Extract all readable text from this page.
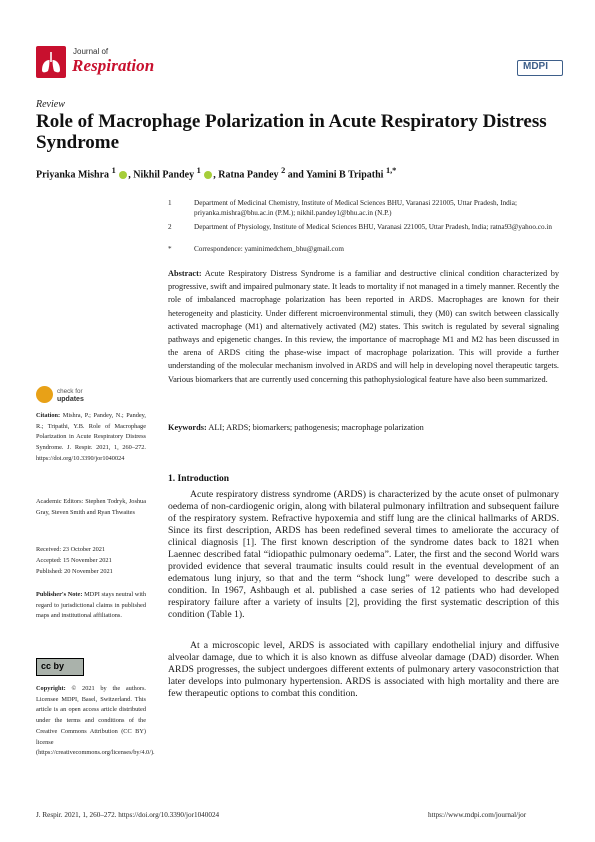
Journal of
Respiration	MDPI
Review
Role of Macrophage Polarization in Acute Respiratory Distress Syndrome
Priyanka Mishra $^1$ , Nikhil Pandey $^1$ , Ratna Pandey $^2$ and Yamini B Tripathi $^{1,*}$
1	Department of Medicinal Chemistry, Institute of Medical Sciences BHU, Varanasi 221005, Uttar Pradesh, India; priyanka.mishra@bhu.ac.in (P.M.); nikhil.pandey1@bhu.ac.in (N.P.)
2	Department of Physiology, Institute of Medical Sciences BHU, Varanasi 221005, Uttar Pradesh, India; ratna93@yahoo.co.in
*	Correspondence: yaminimedchem_bhu@gmail.com
Abstract: Acute Respiratory Distress Syndrome is a familiar and destructive clinical condition characterized by progressive, swift and impaired pulmonary state. It leads to mortality if not managed in a timely manner. Recently the role of imbalanced macrophage polarization has been reported in ARDS. Macrophages are known for their heterogeneity and plasticity. Under different microenvironmental stimuli, they (M0) can switch between classically activated macrophage (M1) and alternatively activated (M2) states. This switch is regulated by several signaling pathways and epigenetic changes. In this review, the importance of macrophage M1 and M2 has been discussed in the arena of ARDS citing the phase-wise impact of macrophage polarization. This will provide a further understanding of the molecular mechanism involved in ARDS and will help in developing novel therapeutic targets. Various biomarkers that are currently used concerning this pathophysiological feature have also been summarized.
Keywords: ALI; ARDS; biomarkers; pathogenesis; macrophage polarization
check for
updates
Citation: Mishra, P.; Pandey, N.; Pandey, R.; Tripathi, Y.B. Role of Macrophage Polarization in Acute Respiratory Distress Syndrome. J. Respir. 2021, 1, 260–272. https://doi.org/10.3390/jor1040024
Academic Editors: Stephen Todryk, Joshua Gray, Steven Smith and Ryan Thwaites
Received: 23 October 2021
Accepted: 15 November 2021
Published: 20 November 2021
Publisher's Note: MDPI stays neutral with regard to jurisdictional claims in published maps and institutional affiliations.
cc by
Copyright: © 2021 by the authors. Licensee MDPI, Basel, Switzerland. This article is an open access article distributed under the terms and conditions of the Creative Commons Attribution (CC BY) license (https://creativecommons.org/licenses/by/4.0/).
1. Introduction
Acute respiratory distress syndrome (ARDS) is characterized by the acute onset of pulmonary oedema of non-cardiogenic origin, along with bilateral pulmonary infiltration and subsequent failure of the respiratory system. Refractive hypoxemia and stiff lung are the clinical hallmarks of ARDS. Since its first description, ARDS has been redefined several times to ameliorate the accuracy of clinical diagnosis [1]. The first known description of the syndrome dates back to 1821 when Laennec described fatal “idiopathic pulmonary oedema”. Later, the first and the second World wars provided evidence that several traumatic insults could result in the eventual development of an edematous lung injury, so that and the term “shock lung” were developed to describe such a condition. In 1967, Ashbaugh et al. published a case series of 12 patients who had developed respiratory failure after a variety of insults [2], providing the first systematic description of this condition (Table 1).
At a microscopic level, ARDS is associated with capillary endothelial injury and diffusive alveolar damage, due to which it is also known as diffuse alveolar damage (DAD) disorder. When ARDS progresses, the subject undergoes different extents of pulmonary artery vasoconstriction that later develops into pulmonary hypertension. ARDS is associated with high mortality and there are few therapeutic options to combat this condition.
J. Respir. 2021, 1, 260–272. https://doi.org/10.3390/jor1040024	https://www.mdpi.com/journal/jor
